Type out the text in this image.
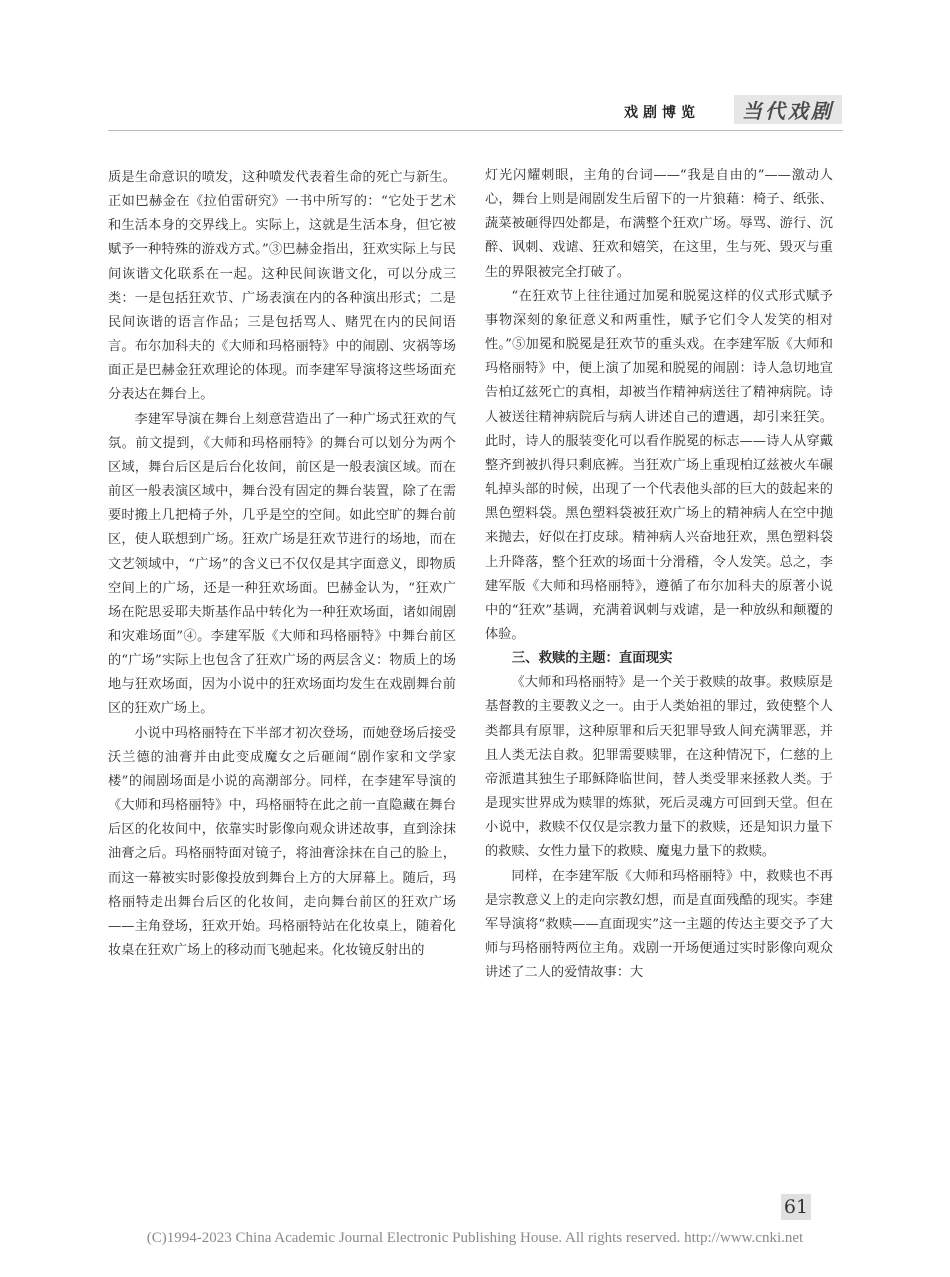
戏剧博览	当代戏剧

质是生命意识的喷发，这种喷发代表着生命的死亡与新生。正如巴赫金在《拉伯雷研究》一书中所写的：“它处于艺术和生活本身的交界线上。实际上，这就是生活本身，但它被赋予一种特殊的游戏方式。”③巴赫金指出，狂欢实际上与民间诙谐文化联系在一起。这种民间诙谐文化，可以分成三类：一是包括狂欢节、广场表演在内的各种演出形式；二是民间诙谐的语言作品；三是包括骂人、赌咒在内的民间语言。布尔加科夫的《大师和玛格丽特》中的闹剧、灾祸等场面正是巴赫金狂欢理论的体现。而李建军导演将这些场面充分表达在舞台上。

李建军导演在舞台上刻意营造出了一种广场式狂欢的气氛。前文提到，《大师和玛格丽特》的舞台可以划分为两个区域，舞台后区是后台化妆间，前区是一般表演区域。而在前区一般表演区域中，舞台没有固定的舞台装置，除了在需要时搬上几把椅子外，几乎是空的空间。如此空旷的舞台前区，使人联想到广场。狂欢广场是狂欢节进行的场地，而在文艺领域中，“广场”的含义已不仅仅是其字面意义，即物质空间上的广场，还是一种狂欢场面。巴赫金认为，“狂欢广场在陀思妥耶夫斯基作品中转化为一种狂欢场面，诸如闹剧和灾难场面”④。李建军版《大师和玛格丽特》中舞台前区的“广场”实际上也包含了狂欢广场的两层含义：物质上的场地与狂欢场面，因为小说中的狂欢场面均发生在戏剧舞台前区的狂欢广场上。

小说中玛格丽特在下半部才初次登场，而她登场后接受沃兰德的油膏并由此变成魔女之后砸闹“剧作家和文学家楼”的闹剧场面是小说的高潮部分。同样，在李建军导演的《大师和玛格丽特》中，玛格丽特在此之前一直隐藏在舞台后区的化妆间中，依靠实时影像向观众讲述故事，直到涂抹油膏之后。玛格丽特面对镜子，将油膏涂抹在自己的脸上，而这一幕被实时影像投放到舞台上方的大屏幕上。随后，玛格丽特走出舞台后区的化妆间，走向舞台前区的狂欢广场——主角登场，狂欢开始。玛格丽特站在化妆桌上，随着化妆桌在狂欢广场上的移动而飞驰起来。化妆镜反射出的

灯光闪耀刺眼，主角的台词——“我是自由的”——激动人心，舞台上则是闹剧发生后留下的一片狼藉：椅子、纸张、蔬菜被砸得四处都是，布满整个狂欢广场。辱骂、游行、沉醉、讽刺、戏谑、狂欢和嬉笑，在这里，生与死、毁灭与重生的界限被完全打破了。

“在狂欢节上往往通过加冕和脱冕这样的仪式形式赋予事物深刻的象征意义和两重性，赋予它们令人发笑的相对性。”⑤加冕和脱冕是狂欢节的重头戏。在李建军版《大师和玛格丽特》中，便上演了加冕和脱冕的闹剧：诗人急切地宣告柏辽兹死亡的真相，却被当作精神病送往了精神病院。诗人被送往精神病院后与病人讲述自己的遭遇，却引来狂笑。此时，诗人的服装变化可以看作脱冕的标志——诗人从穿戴整齐到被扒得只剩底裤。当狂欢广场上重现柏辽兹被火车碾轧掉头部的时候，出现了一个代表他头部的巨大的鼓起来的黑色塑料袋。黑色塑料袋被狂欢广场上的精神病人在空中抛来抛去，好似在打皮球。精神病人兴奋地狂欢，黑色塑料袋上升降落，整个狂欢的场面十分滑稽，令人发笑。总之，李建军版《大师和玛格丽特》，遵循了布尔加科夫的原著小说中的“狂欢”基调，充满着讽刺与戏谑，是一种放纵和颠覆的体验。

三、救赎的主题：直面现实

《大师和玛格丽特》是一个关于救赎的故事。救赎原是基督教的主要教义之一。由于人类始祖的罪过，致使整个人类都具有原罪，这种原罪和后天犯罪导致人间充满罪恶，并且人类无法自救。犯罪需要赎罪，在这种情况下，仁慈的上帝派遣其独生子耶稣降临世间，替人类受罪来拯救人类。于是现实世界成为赎罪的炼狱，死后灵魂方可回到天堂。但在小说中，救赎不仅仅是宗教力量下的救赎，还是知识力量下的救赎、女性力量下的救赎、魔鬼力量下的救赎。

同样，在李建军版《大师和玛格丽特》中，救赎也不再是宗教意义上的走向宗教幻想，而是直面残酷的现实。李建军导演将“救赎——直面现实”这一主题的传达主要交予了大师与玛格丽特两位主角。戏剧一开场便通过实时影像向观众讲述了二人的爱情故事：大

61
(C)1994-2023 China Academic Journal Electronic Publishing House. All rights reserved. http://www.cnki.net
